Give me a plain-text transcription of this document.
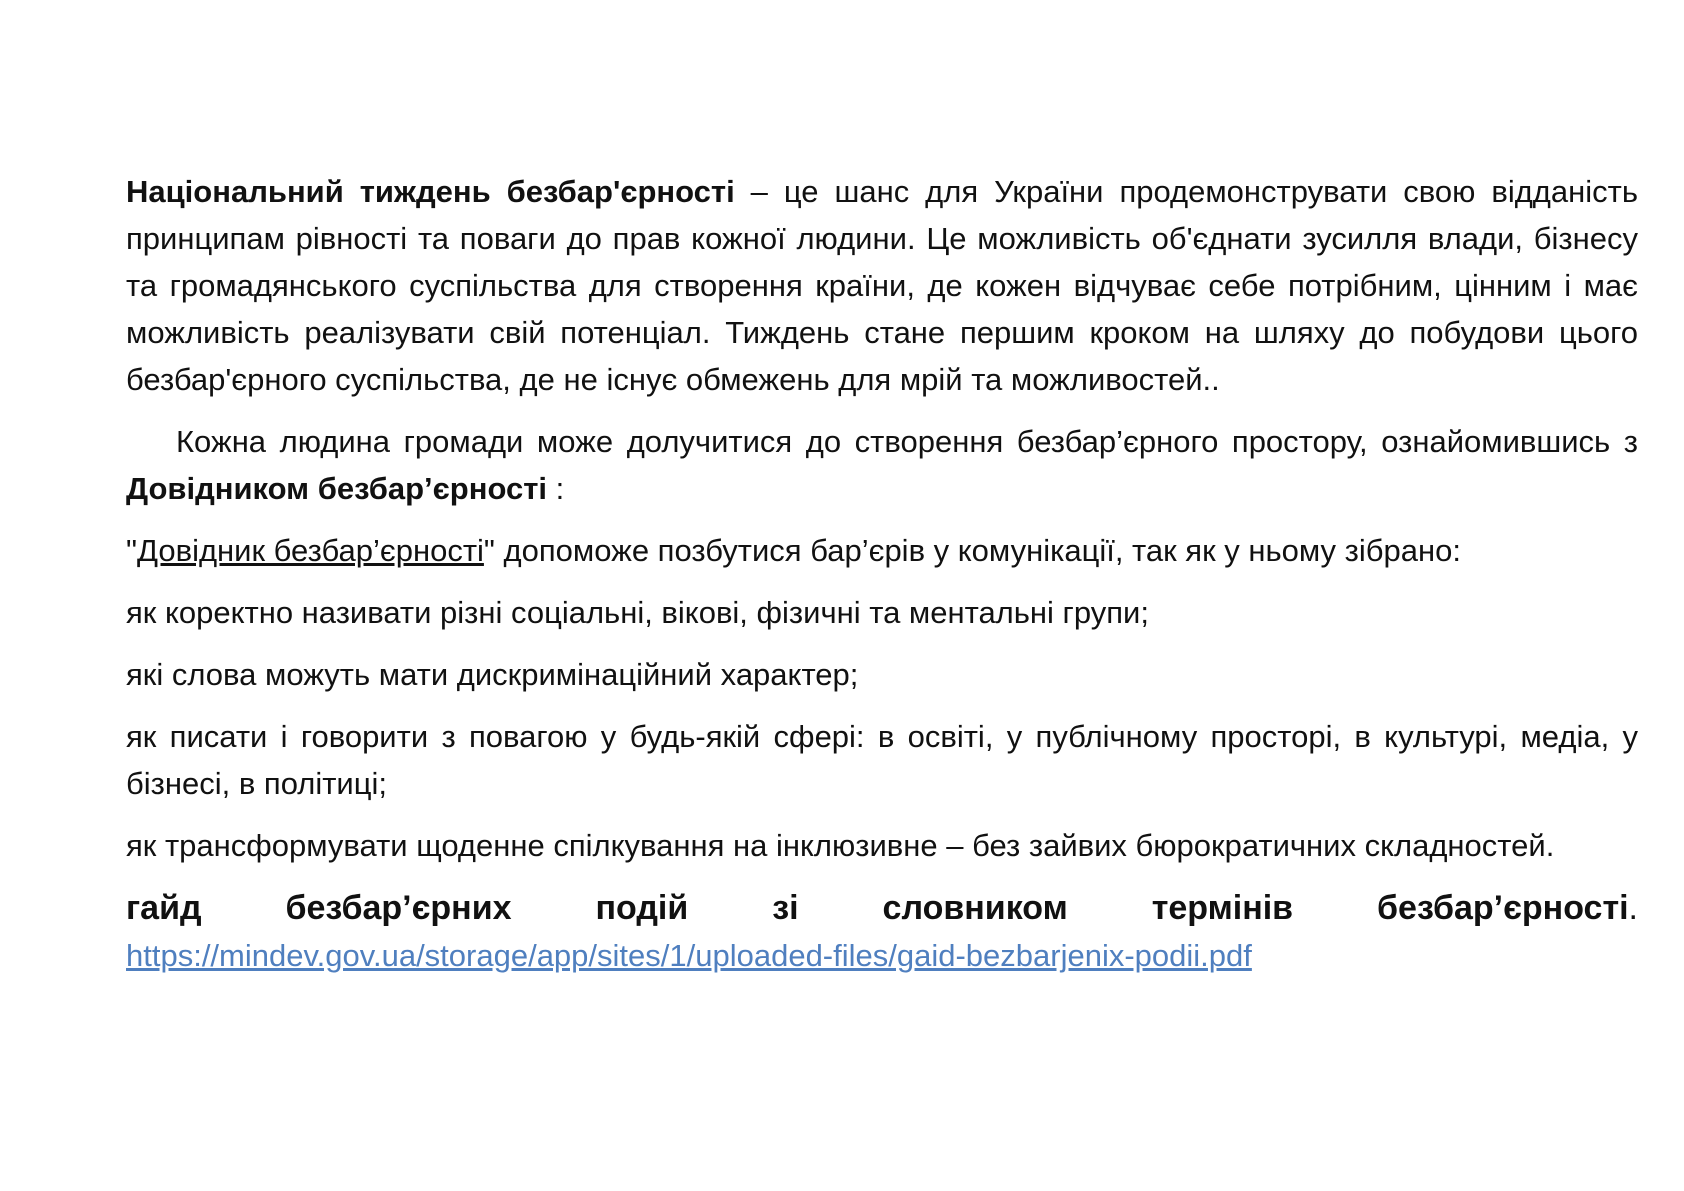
Національний тиждень безбар'єрності – це шанс для України продемонструвати свою відданість принципам рівності та поваги до прав кожної людини. Це можливість об'єднати зусилля влади, бізнесу та громадянського суспільства для створення країни, де кожен відчуває себе потрібним, цінним і має можливість реалізувати свій потенціал. Тиждень стане першим кроком на шляху до побудови цього безбар'єрного суспільства, де не існує обмежень для мрій та можливостей..

Кожна людина громади може долучитися до створення безбар’єрного простору, ознайомившись з Довідником безбар’єрності :

"Довідник безбар’єрності" допоможе позбутися бар’єрів у комунікації, так як у ньому зібрано:

як коректно називати різні соціальні, вікові, фізичні та ментальні групи;

які слова можуть мати дискримінаційний характер;

як писати і говорити з повагою у будь-якій сфері: в освіті, у публічному просторі, в культурі, медіа, у бізнесі, в політиці;

як трансформувати щоденне спілкування на інклюзивне – без зайвих бюрократичних складностей.

гайд безбар’єрних подій зі словником термінів безбар’єрності.

https://mindev.gov.ua/storage/app/sites/1/uploaded-files/gaid-bezbarjenix-podii.pdf
